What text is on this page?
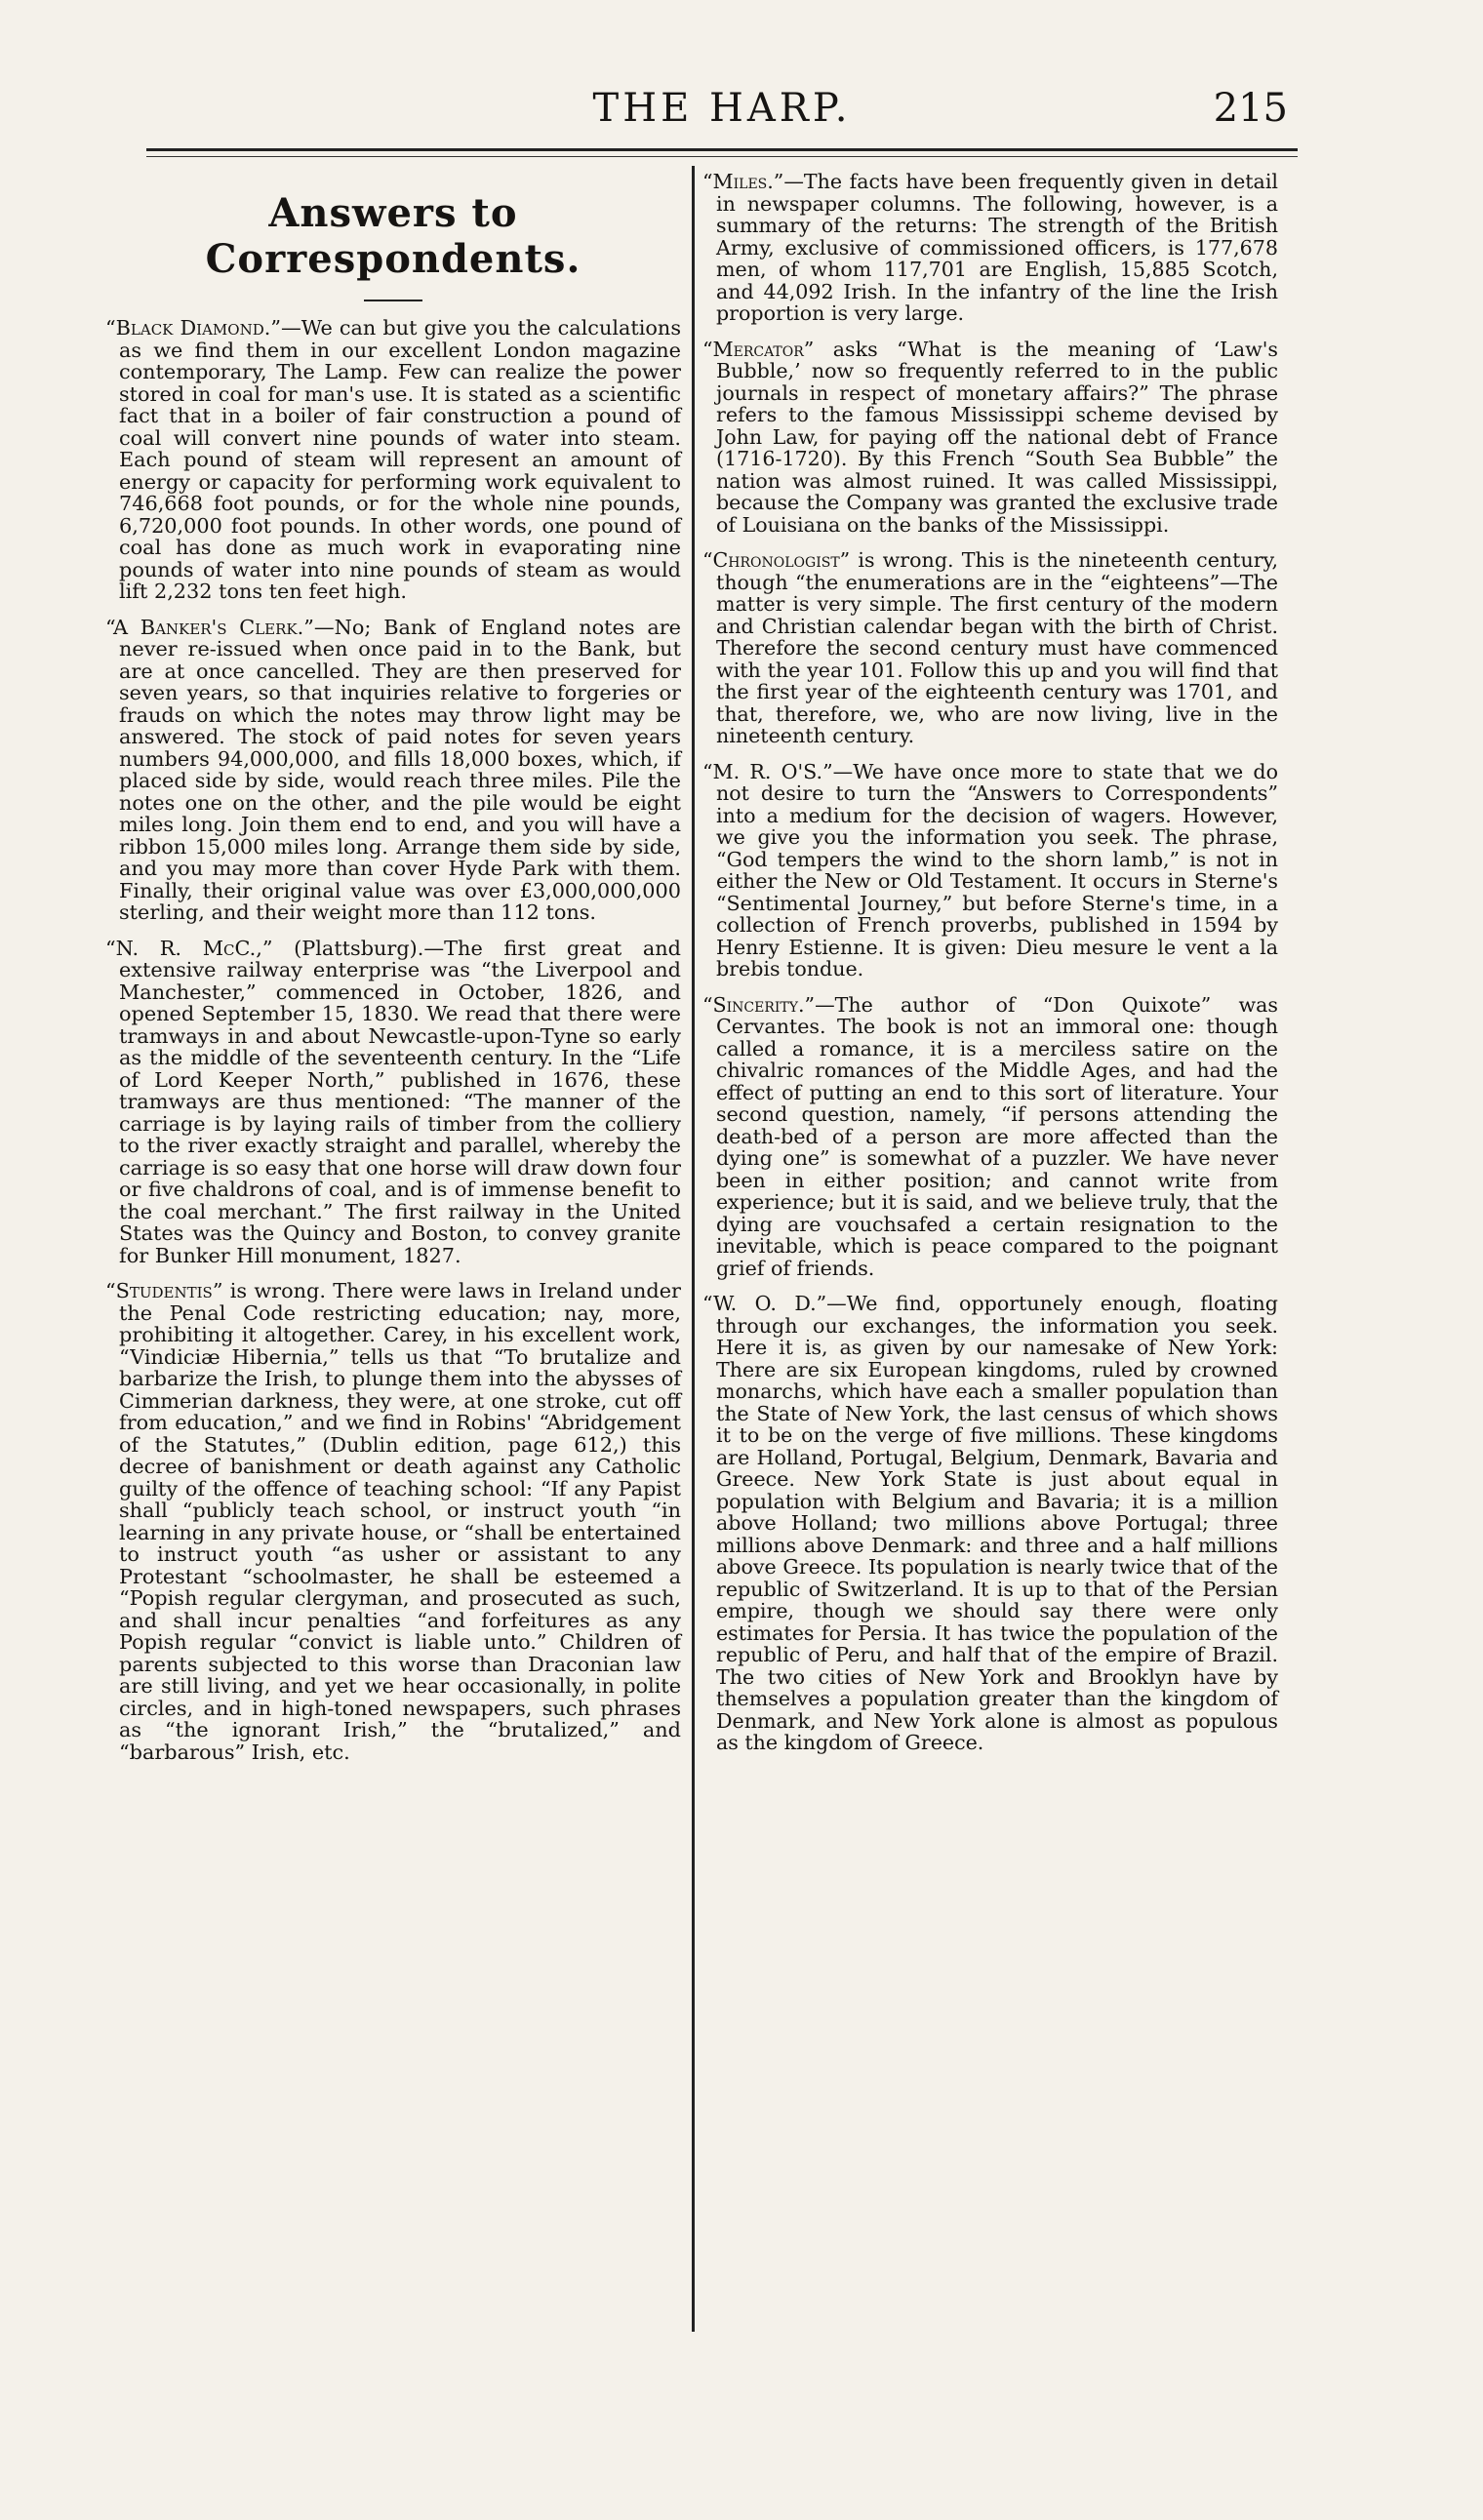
THE HARP.	215
Answers to Correspondents.

“Black Diamond.”—We can but give you the calculations as we find them in our excellent London magazine contemporary, The Lamp. Few can realize the power stored in coal for man's use. It is stated as a scientific fact that in a boiler of fair construction a pound of coal will convert nine pounds of water into steam. Each pound of steam will represent an amount of energy or capacity for performing work equivalent to 746,668 foot pounds, or for the whole nine pounds, 6,720,000 foot pounds. In other words, one pound of coal has done as much work in evaporating nine pounds of water into nine pounds of steam as would lift 2,232 tons ten feet high.

“A Banker's Clerk.”—No; Bank of England notes are never re-issued when once paid in to the Bank, but are at once cancelled. They are then preserved for seven years, so that inquiries relative to forgeries or frauds on which the notes may throw light may be answered. The stock of paid notes for seven years numbers 94,000,000, and fills 18,000 boxes, which, if placed side by side, would reach three miles. Pile the notes one on the other, and the pile would be eight miles long. Join them end to end, and you will have a ribbon 15,000 miles long. Arrange them side by side, and you may more than cover Hyde Park with them. Finally, their original value was over £3,000,000,000 sterling, and their weight more than 112 tons.

“N. R. McC.,” (Plattsburg).—The first great and extensive railway enterprise was “the Liverpool and Manchester,” commenced in October, 1826, and opened September 15, 1830. We read that there were tramways in and about Newcastle-upon-Tyne so early as the middle of the seventeenth century. In the “Life of Lord Keeper North,” published in 1676, these tramways are thus mentioned: “The manner of the carriage is by laying rails of timber from the colliery to the river exactly straight and parallel, whereby the carriage is so easy that one horse will draw down four or five chaldrons of coal, and is of immense benefit to the coal merchant.” The first railway in the United States was the Quincy and Boston, to convey granite for Bunker Hill monument, 1827.

“Studentis” is wrong. There were laws in Ireland under the Penal Code restricting education; nay, more, prohibiting it altogether. Carey, in his excellent work, “Vindiciæ Hibernia,” tells us that “To brutalize and barbarize the Irish, to plunge them into the abysses of Cimmerian darkness, they were, at one stroke, cut off from education,” and we find in Robins' “Abridgement of the Statutes,” (Dublin edition, page 612,) this decree of banishment or death against any Catholic guilty of the offence of teaching school: “If any Papist shall “publicly teach school, or instruct youth “in learning in any private house, or “shall be entertained to instruct youth “as usher or assistant to any Protestant “schoolmaster, he shall be esteemed a “Popish regular clergyman, and prosecuted as such, and shall incur penalties “and forfeitures as any Popish regular “convict is liable unto.” Children of parents subjected to this worse than Draconian law are still living, and yet we hear occasionally, in polite circles, and in high-toned newspapers, such phrases as “the ignorant Irish,” the “brutalized,” and “barbarous” Irish, etc.

“Miles.”—The facts have been frequently given in detail in newspaper columns. The following, however, is a summary of the returns: The strength of the British Army, exclusive of commissioned officers, is 177,678 men, of whom 117,701 are English, 15,885 Scotch, and 44,092 Irish. In the infantry of the line the Irish proportion is very large.

“Mercator” asks “What is the meaning of ‘Law's Bubble,’ now so frequently referred to in the public journals in respect of monetary affairs?” The phrase refers to the famous Mississippi scheme devised by John Law, for paying off the national debt of France (1716-1720). By this French “South Sea Bubble” the nation was almost ruined. It was called Mississippi, because the Company was granted the exclusive trade of Louisiana on the banks of the Mississippi.

“Chronologist” is wrong. This is the nineteenth century, though “the enumerations are in the “eighteens”—The matter is very simple. The first century of the modern and Christian calendar began with the birth of Christ. Therefore the second century must have commenced with the year 101. Follow this up and you will find that the first year of the eighteenth century was 1701, and that, therefore, we, who are now living, live in the nineteenth century.

“M. R. O'S.”—We have once more to state that we do not desire to turn the “Answers to Correspondents” into a medium for the decision of wagers. However, we give you the information you seek. The phrase, “God tempers the wind to the shorn lamb,” is not in either the New or Old Testament. It occurs in Sterne's “Sentimental Journey,” but before Sterne's time, in a collection of French proverbs, published in 1594 by Henry Estienne. It is given: Dieu mesure le vent a la brebis tondue.

“Sincerity.”—The author of “Don Quixote” was Cervantes. The book is not an immoral one: though called a romance, it is a merciless satire on the chivalric romances of the Middle Ages, and had the effect of putting an end to this sort of literature. Your second question, namely, “if persons attending the death-bed of a person are more affected than the dying one” is somewhat of a puzzler. We have never been in either position; and cannot write from experience; but it is said, and we believe truly, that the dying are vouchsafed a certain resignation to the inevitable, which is peace compared to the poignant grief of friends.

“W. O. D.”—We find, opportunely enough, floating through our exchanges, the information you seek. Here it is, as given by our namesake of New York: There are six European kingdoms, ruled by crowned monarchs, which have each a smaller population than the State of New York, the last census of which shows it to be on the verge of five millions. These kingdoms are Holland, Portugal, Belgium, Denmark, Bavaria and Greece. New York State is just about equal in population with Belgium and Bavaria; it is a million above Holland; two millions above Portugal; three millions above Denmark: and three and a half millions above Greece. Its population is nearly twice that of the republic of Switzerland. It is up to that of the Persian empire, though we should say there were only estimates for Persia. It has twice the population of the republic of Peru, and half that of the empire of Brazil. The two cities of New York and Brooklyn have by themselves a population greater than the kingdom of Denmark, and New York alone is almost as populous as the kingdom of Greece.
